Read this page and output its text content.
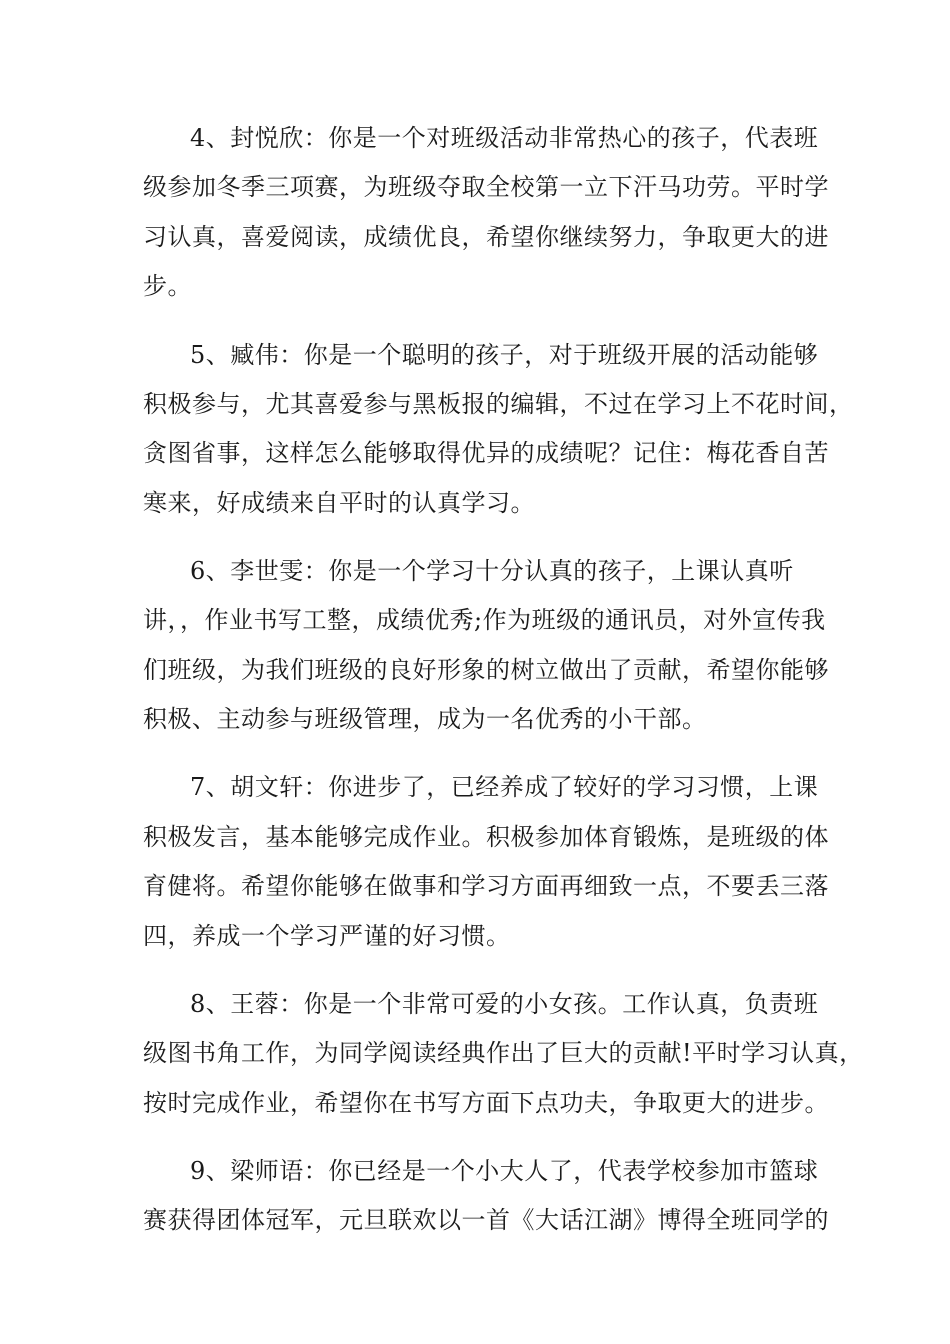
4、封悦欣：你是一个对班级活动非常热心的孩子，代表班
级参加冬季三项赛，为班级夺取全校第一立下汗马功劳。平时学
习认真，喜爱阅读，成绩优良，希望你继续努力，争取更大的进
步。
5、臧伟：你是一个聪明的孩子，对于班级开展的活动能够
积极参与，尤其喜爱参与黑板报的编辑，不过在学习上不花时间，
贪图省事，这样怎么能够取得优异的成绩呢？记住：梅花香自苦
寒来，好成绩来自平时的认真学习。
6、李世雯：你是一个学习十分认真的孩子，上课认真听
讲，，作业书写工整，成绩优秀;作为班级的通讯员，对外宣传我
们班级，为我们班级的良好形象的树立做出了贡献，希望你能够
积极、主动参与班级管理，成为一名优秀的小干部。
7、胡文轩：你进步了，已经养成了较好的学习习惯，上课
积极发言，基本能够完成作业。积极参加体育锻炼，是班级的体
育健将。希望你能够在做事和学习方面再细致一点，不要丢三落
四，养成一个学习严谨的好习惯。
8、王蓉：你是一个非常可爱的小女孩。工作认真，负责班
级图书角工作，为同学阅读经典作出了巨大的贡献!平时学习认真，
按时完成作业，希望你在书写方面下点功夫，争取更大的进步。
9、梁师语：你已经是一个小大人了，代表学校参加市篮球
赛获得团体冠军，元旦联欢以一首《大话江湖》博得全班同学的
